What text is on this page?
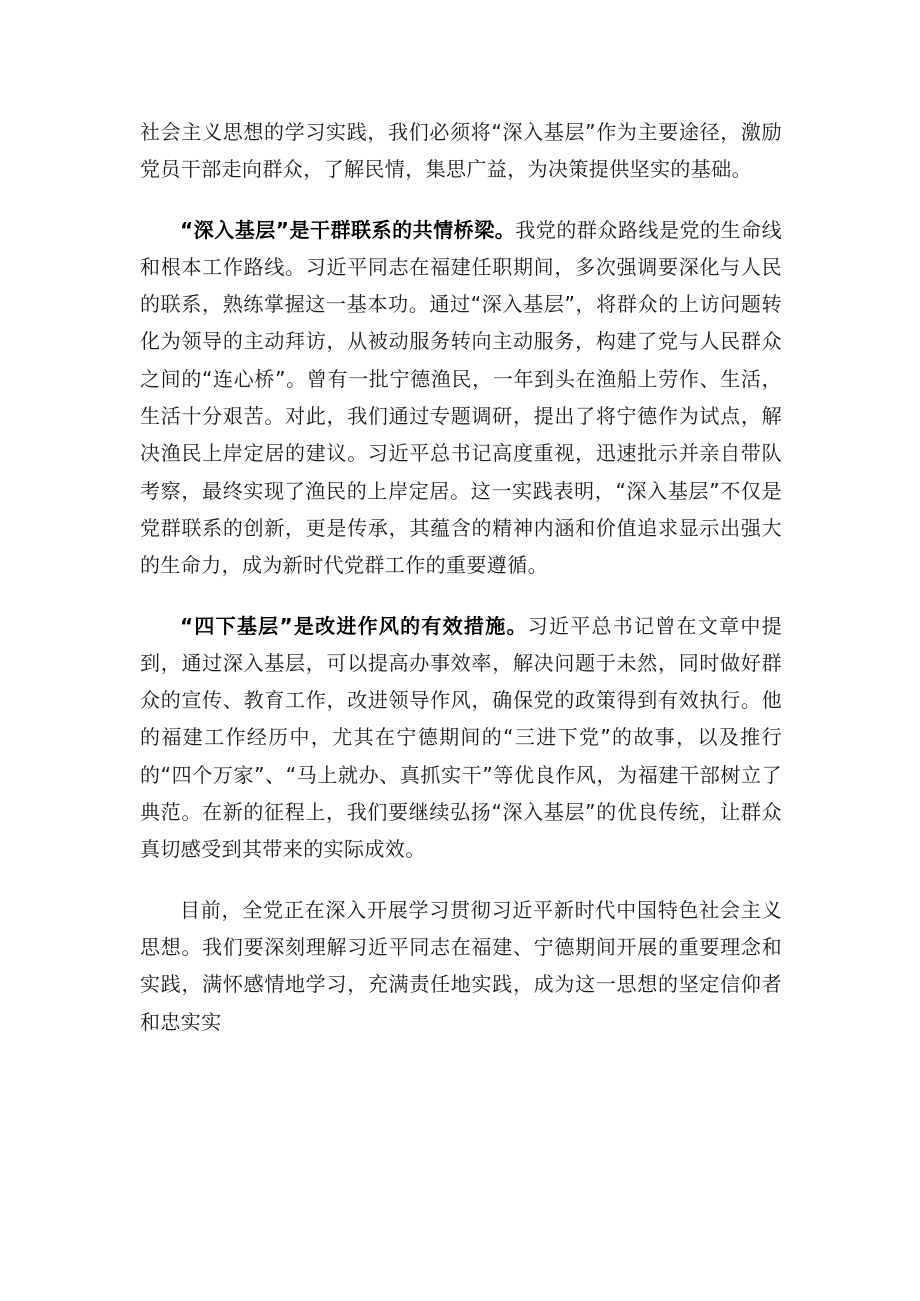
社会主义思想的学习实践，我们必须将“深入基层”作为主要途径，激励党员干部走向群众，了解民情，集思广益，为决策提供坚实的基础。

“深入基层”是干群联系的共情桥梁。我党的群众路线是党的生命线和根本工作路线。习近平同志在福建任职期间，多次强调要深化与人民的联系，熟练掌握这一基本功。通过“深入基层”，将群众的上访问题转化为领导的主动拜访，从被动服务转向主动服务，构建了党与人民群众之间的“连心桥”。曾有一批宁德渔民，一年到头在渔船上劳作、生活，生活十分艰苦。对此，我们通过专题调研，提出了将宁德作为试点，解决渔民上岸定居的建议。习近平总书记高度重视，迅速批示并亲自带队考察，最终实现了渔民的上岸定居。这一实践表明，“深入基层”不仅是党群联系的创新，更是传承，其蕴含的精神内涵和价值追求显示出强大的生命力，成为新时代党群工作的重要遵循。

“四下基层”是改进作风的有效措施。习近平总书记曾在文章中提到，通过深入基层，可以提高办事效率，解决问题于未然，同时做好群众的宣传、教育工作，改进领导作风，确保党的政策得到有效执行。他的福建工作经历中，尤其在宁德期间的“三进下党”的故事，以及推行的“四个万家”、“马上就办、真抓实干”等优良作风，为福建干部树立了典范。在新的征程上，我们要继续弘扬“深入基层”的优良传统，让群众真切感受到其带来的实际成效。

目前，全党正在深入开展学习贯彻习近平新时代中国特色社会主义思想。我们要深刻理解习近平同志在福建、宁德期间开展的重要理念和实践，满怀感情地学习，充满责任地实践，成为这一思想的坚定信仰者和忠实实
